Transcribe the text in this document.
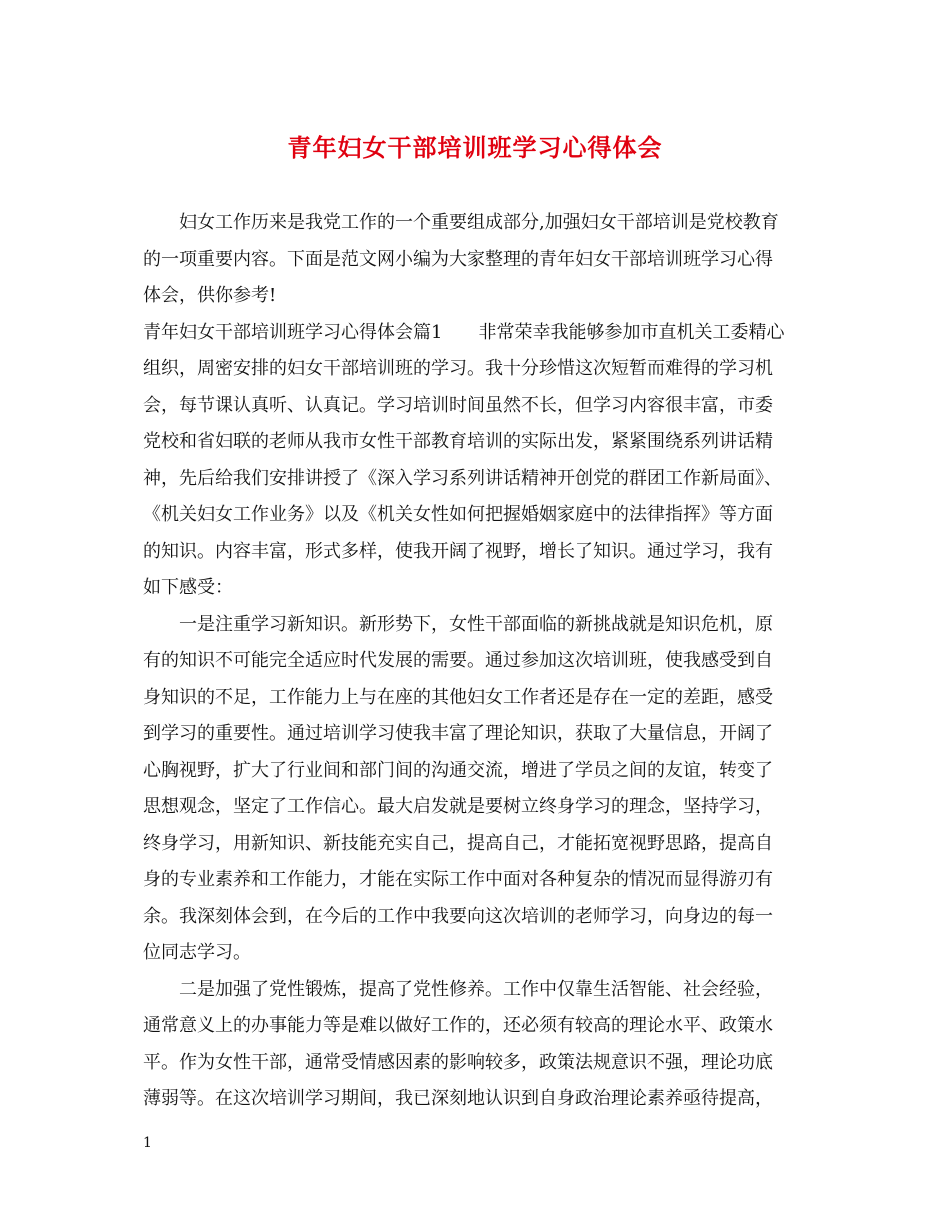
青年妇女干部培训班学习心得体会
　　妇女工作历来是我党工作的一个重要组成部分,加强妇女干部培训是党校教育
的一项重要内容。下面是范文网小编为大家整理的青年妇女干部培训班学习心得
体会，供你参考!
青年妇女干部培训班学习心得体会篇1　　非常荣幸我能够参加市直机关工委精心
组织，周密安排的妇女干部培训班的学习。我十分珍惜这次短暂而难得的学习机
会，每节课认真听、认真记。学习培训时间虽然不长，但学习内容很丰富，市委
党校和省妇联的老师从我市女性干部教育培训的实际出发，紧紧围绕系列讲话精
神，先后给我们安排讲授了《深入学习系列讲话精神开创党的群团工作新局面》、
《机关妇女工作业务》以及《机关女性如何把握婚姻家庭中的法律指挥》等方面
的知识。内容丰富，形式多样，使我开阔了视野，增长了知识。通过学习，我有
如下感受：
　　一是注重学习新知识。新形势下，女性干部面临的新挑战就是知识危机，原
有的知识不可能完全适应时代发展的需要。通过参加这次培训班，使我感受到自
身知识的不足，工作能力上与在座的其他妇女工作者还是存在一定的差距，感受
到学习的重要性。通过培训学习使我丰富了理论知识，获取了大量信息，开阔了
心胸视野，扩大了行业间和部门间的沟通交流，增进了学员之间的友谊，转变了
思想观念，坚定了工作信心。最大启发就是要树立终身学习的理念，坚持学习，
终身学习，用新知识、新技能充实自己，提高自己，才能拓宽视野思路，提高自
身的专业素养和工作能力，才能在实际工作中面对各种复杂的情况而显得游刃有
余。我深刻体会到，在今后的工作中我要向这次培训的老师学习，向身边的每一
位同志学习。
　　二是加强了党性锻炼，提高了党性修养。工作中仅靠生活智能、社会经验，
通常意义上的办事能力等是难以做好工作的，还必须有较高的理论水平、政策水
平。作为女性干部，通常受情感因素的影响较多，政策法规意识不强，理论功底
薄弱等。在这次培训学习期间，我已深刻地认识到自身政治理论素养亟待提高，
1
